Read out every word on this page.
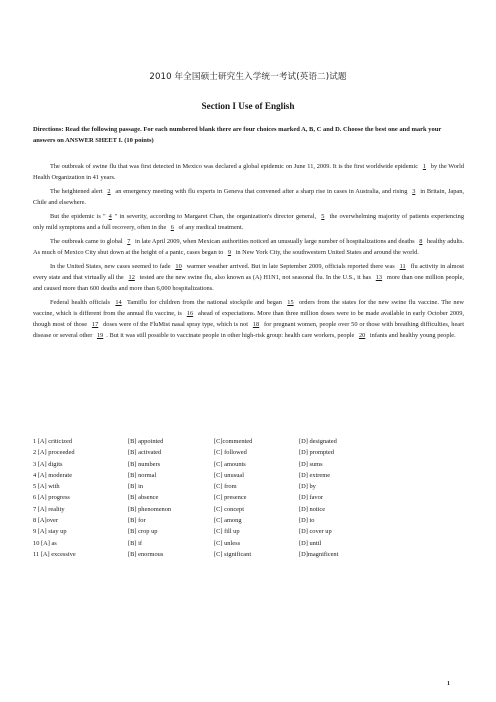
2010 年全国硕士研究生入学统一考试(英语二)试题
Section I Use of English
Directions: Read the following passage. For each numbered blank there are four choices marked A, B, C and D. Choose the best one and mark your answers on ANSWER SHEET I. (10 points)

The outbreak of swine flu that was first detected in Mexico was declared a global epidemic on June 11, 2009. It is the first worldwide epidemic 1 by the World Health Organization in 41 years.

The heightened alert 2 an emergency meeting with flu experts in Geneva that convened after a sharp rise in cases in Australia, and rising 3 in Britain, Japan, Chile and elsewhere.

But the epidemic is " 4 " in severity, according to Margaret Chan, the organization's director general, 5 the overwhelming majority of patients experiencing only mild symptoms and a full recovery, often in the 6 of any medical treatment.

The outbreak came to global 7 in late April 2009, when Mexican authorities noticed an unusually large number of hospitalizations and deaths 8 healthy adults. As much of Mexico City shut down at the height of a panic, cases began to 9 in New York City, the southwestern United States and around the world.

In the United States, new cases seemed to fade 10 warmer weather arrived. But in late September 2009, officials reported there was 11 flu activity in almost every state and that virtually all the 12 tested are the new swine flu, also known as (A) H1N1, not seasonal flu. In the U.S., it has 13 more than one million people, and caused more than 600 deaths and more than 6,000 hospitalizations.

Federal health officials 14 Tamiflu for children from the national stockpile and began 15 orders from the states for the new swine flu vaccine. The new vaccine, which is different from the annual flu vaccine, is 16 ahead of expectations. More than three million doses were to be made available in early October 2009, though most of those 17 doses were of the FluMist nasal spray type, which is not 18 for pregnant women, people over 50 or those with breathing difficulties, heart disease or several other 19 . But it was still possible to vaccinate people in other high-risk group: health care workers, people 20 infants and healthy young people.

1 [A] criticized	[B] appointed	[C]commented	[D] designated
2 [A] proceeded	[B] activated	[C] followed	[D] prompted
3 [A] digits	[B] numbers	[C] amounts	[D] sums
4 [A] moderate	[B] normal	[C] unusual	[D] extreme
5 [A] with	[B] in	[C] from	[D] by
6 [A] progress	[B] absence	[C] presence	[D] favor
7 [A] reality	[B] phenomenon	[C] concept	[D] notice
8 [A]over	[B] for	[C] among	[D] to
9 [A] stay up	[B] crop up	[C] fill up	[D] cover up
10 [A] as	[B] if	[C] unless	[D] until
11 [A] excessive	[B] enormous	[C] significant	[D]magnificent
1
